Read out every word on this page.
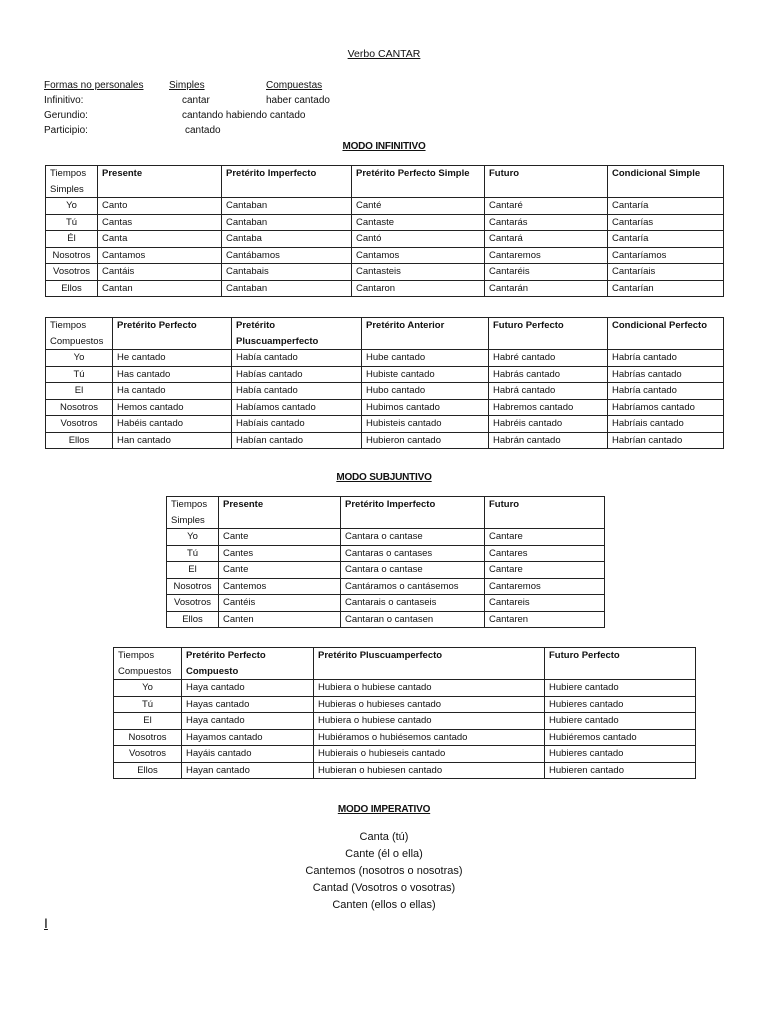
Verbo CANTAR
Formas no personales	Simples	Compuestas
Infinitivo:	cantar	haber cantado
Gerundio:	cantando habiendo cantado
Participio:	cantado
MODO INFINITIVO
Tiempos Simples	Presente	Pretérito Imperfecto	Pretérito Perfecto Simple	Futuro	Condicional Simple
Yo	Canto	Cantaban	Canté	Cantaré	Cantaría
Tú	Cantas	Cantaban	Cantaste	Cantarás	Cantarías
Él	Canta	Cantaba	Cantó	Cantará	Cantaría
Nosotros	Cantamos	Cantábamos	Cantamos	Cantaremos	Cantaríamos
Vosotros	Cantáis	Cantabais	Cantasteis	Cantaréis	Cantaríais
Ellos	Cantan	Cantaban	Cantaron	Cantarán	Cantarían
Tiempos Compuestos	Pretérito Perfecto	Pretérito Pluscuamperfecto	Pretérito Anterior	Futuro Perfecto	Condicional Perfecto
Yo	He cantado	Había cantado	Hube cantado	Habré cantado	Habría cantado
Tú	Has cantado	Habías cantado	Hubiste cantado	Habrás cantado	Habrías cantado
El	Ha cantado	Había cantado	Hubo cantado	Habrá cantado	Habría cantado
Nosotros	Hemos cantado	Habíamos cantado	Hubimos cantado	Habremos cantado	Habríamos cantado
Vosotros	Habéis cantado	Habíais cantado	Hubisteis cantado	Habréis cantado	Habríais cantado
Ellos	Han cantado	Habían cantado	Hubieron cantado	Habrán cantado	Habrían cantado
MODO SUBJUNTIVO
Tiempos Simples	Presente	Pretérito Imperfecto	Futuro
Yo	Cante	Cantara o cantase	Cantare
Tú	Cantes	Cantaras o cantases	Cantares
El	Cante	Cantara o cantase	Cantare
Nosotros	Cantemos	Cantáramos o cantásemos	Cantaremos
Vosotros	Cantéis	Cantarais o cantaseis	Cantareis
Ellos	Canten	Cantaran o cantasen	Cantaren
Tiempos Compuestos	Pretérito Perfecto Compuesto	Pretérito Pluscuamperfecto	Futuro Perfecto
Yo	Haya cantado	Hubiera o hubiese cantado	Hubiere cantado
Tú	Hayas cantado	Hubieras o hubieses cantado	Hubieres cantado
El	Haya cantado	Hubiera o hubiese cantado	Hubiere cantado
Nosotros	Hayamos cantado	Hubiéramos o hubiésemos cantado	Hubiéremos cantado
Vosotros	Hayáis cantado	Hubierais o hubieseis cantado	Hubieres cantado
Ellos	Hayan cantado	Hubieran o hubiesen cantado	Hubieren cantado
MODO IMPERATIVO
Canta (tú)
Cante (él o ella)
Cantemos (nosotros o nosotras)
Cantad (Vosotros o vosotras)
Canten (ellos o ellas)
I
